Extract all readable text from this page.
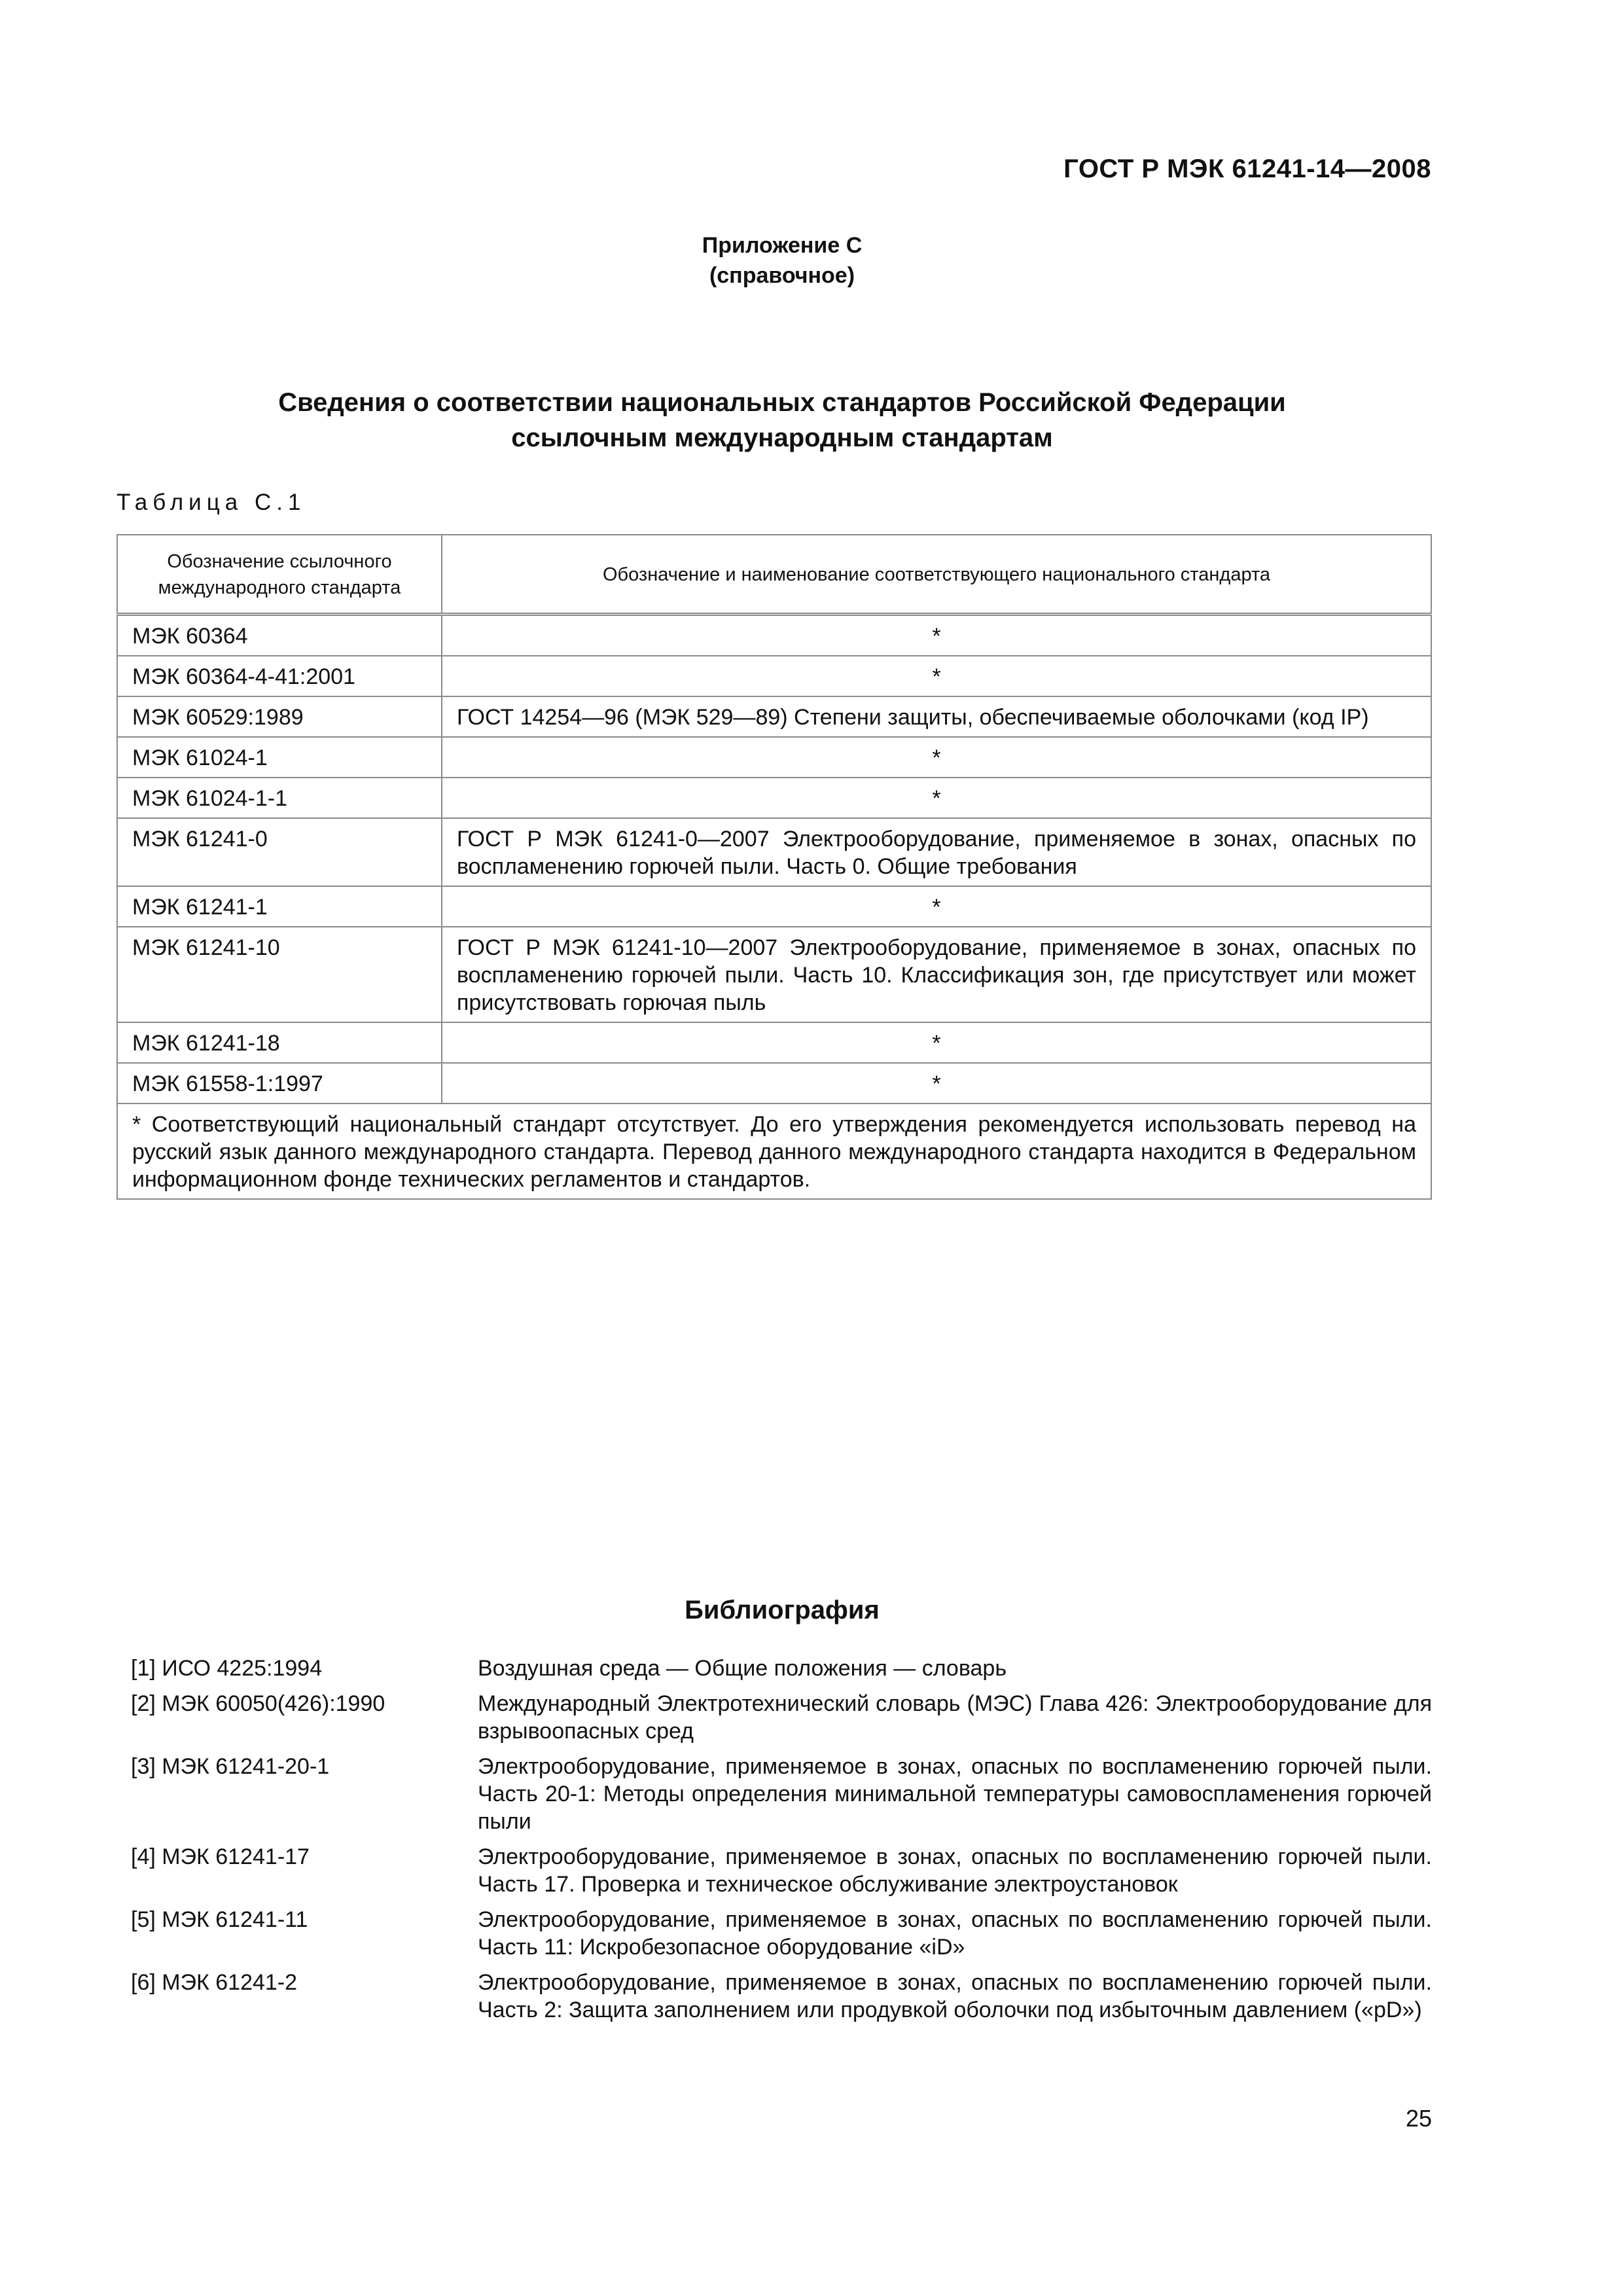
ГОСТ Р МЭК 61241-14—2008
Приложение С
(справочное)
Сведения о соответствии национальных стандартов Российской Федерации
ссылочным международным стандартам
Таблица С.1
Обозначение ссылочного международного стандарта	Обозначение и наименование соответствующего национального стандарта
МЭК 60364	*
МЭК 60364-4-41:2001	*
МЭК 60529:1989	ГОСТ 14254—96 (МЭК 529—89) Степени защиты, обеспечиваемые оболочками (код IP)
МЭК 61024-1	*
МЭК 61024-1-1	*
МЭК 61241-0	ГОСТ Р МЭК 61241-0—2007 Электрооборудование, применяемое в зонах, опасных по воспламенению горючей пыли. Часть 0. Общие требования
МЭК 61241-1	*
МЭК 61241-10	ГОСТ Р МЭК 61241-10—2007 Электрооборудование, применяемое в зонах, опасных по воспламенению горючей пыли. Часть 10. Классификация зон, где присутствует или может присутствовать горючая пыль
МЭК 61241-18	*
МЭК 61558-1:1997	*
* Соответствующий национальный стандарт отсутствует. До его утверждения рекомендуется использовать перевод на русский язык данного международного стандарта. Перевод данного международного стандарта находится в Федеральном информационном фонде технических регламентов и стандартов.	
Библиография
[1] ИСО 4225:1994	Воздушная среда — Общие положения — словарь
[2] МЭК 60050(426):1990	Международный Электротехнический словарь (МЭС) Глава 426: Электрооборудование для взрывоопасных сред
[3] МЭК 61241-20-1	Электрооборудование, применяемое в зонах, опасных по воспламенению горючей пыли. Часть 20-1: Методы определения минимальной температуры самовоспламенения горючей пыли
[4] МЭК 61241-17	Электрооборудование, применяемое в зонах, опасных по воспламенению горючей пыли. Часть 17. Проверка и техническое обслуживание электроустановок
[5] МЭК 61241-11	Электрооборудование, применяемое в зонах, опасных по воспламенению горючей пыли. Часть 11: Искробезопасное оборудование «iD»
[6] МЭК 61241-2	Электрооборудование, применяемое в зонах, опасных по воспламенению горючей пыли. Часть 2: Защита заполнением или продувкой оболочки под избыточным давлением («pD»)
25
